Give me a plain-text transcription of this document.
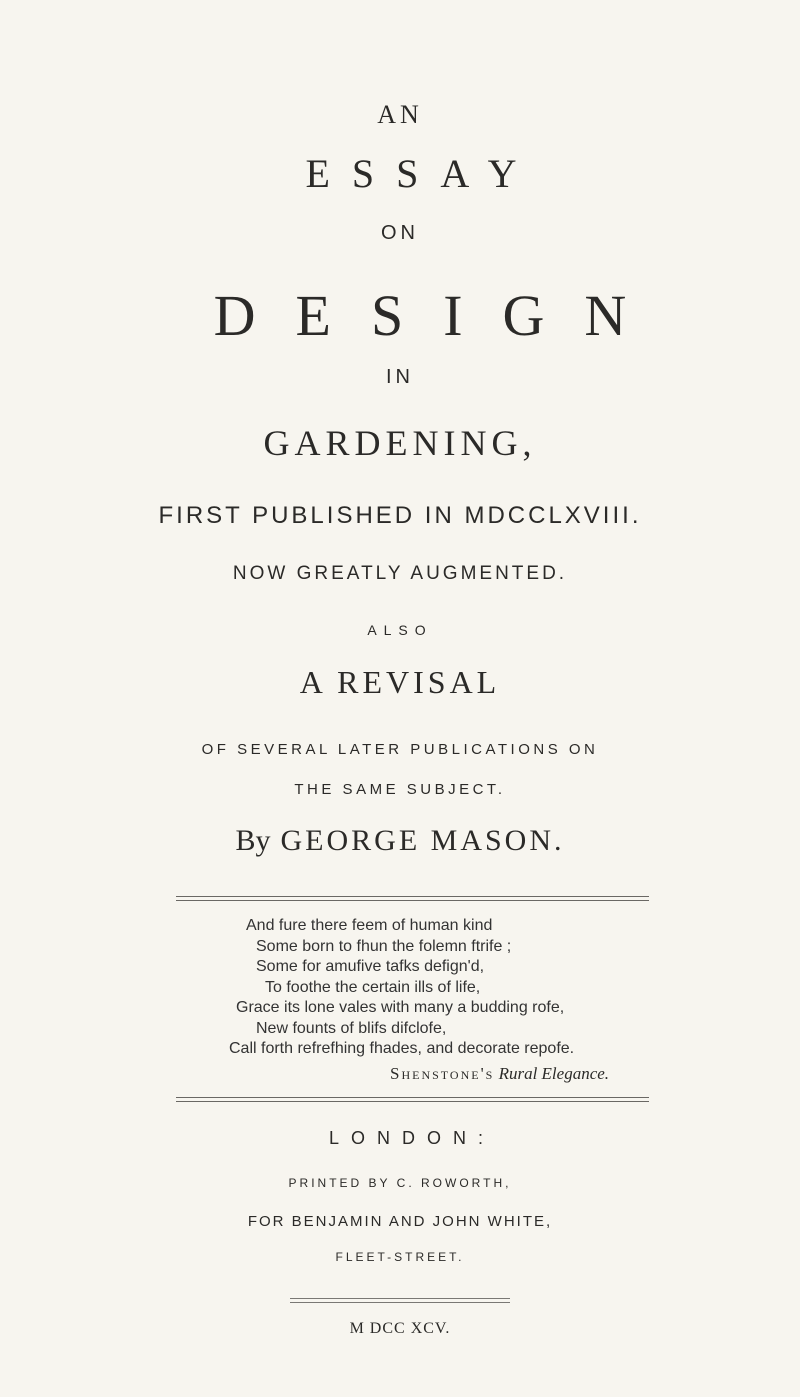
AN
ESSAY
ON
DESIGN
IN
GARDENING,
FIRST PUBLISHED IN MDCCLXVIII.
NOW GREATLY AUGMENTED.
ALSO
A REVISAL
OF SEVERAL LATER PUBLICATIONS ON
THE SAME SUBJECT.
By GEORGE MASON.
And fure there feem of human kind
Some born to fhun the folemn ftrife ;
Some for amufive tafks defign'd,
To foothe the certain ills of life,
Grace its lone vales with many a budding rofe,
New founts of blifs difclofe,
Call forth refrefhing fhades, and decorate repofe.
Shenstone's Rural Elegance.
LONDON:
PRINTED BY C. ROWORTH,
FOR BENJAMIN AND JOHN WHITE,
FLEET-STREET.
M DCC XCV.
